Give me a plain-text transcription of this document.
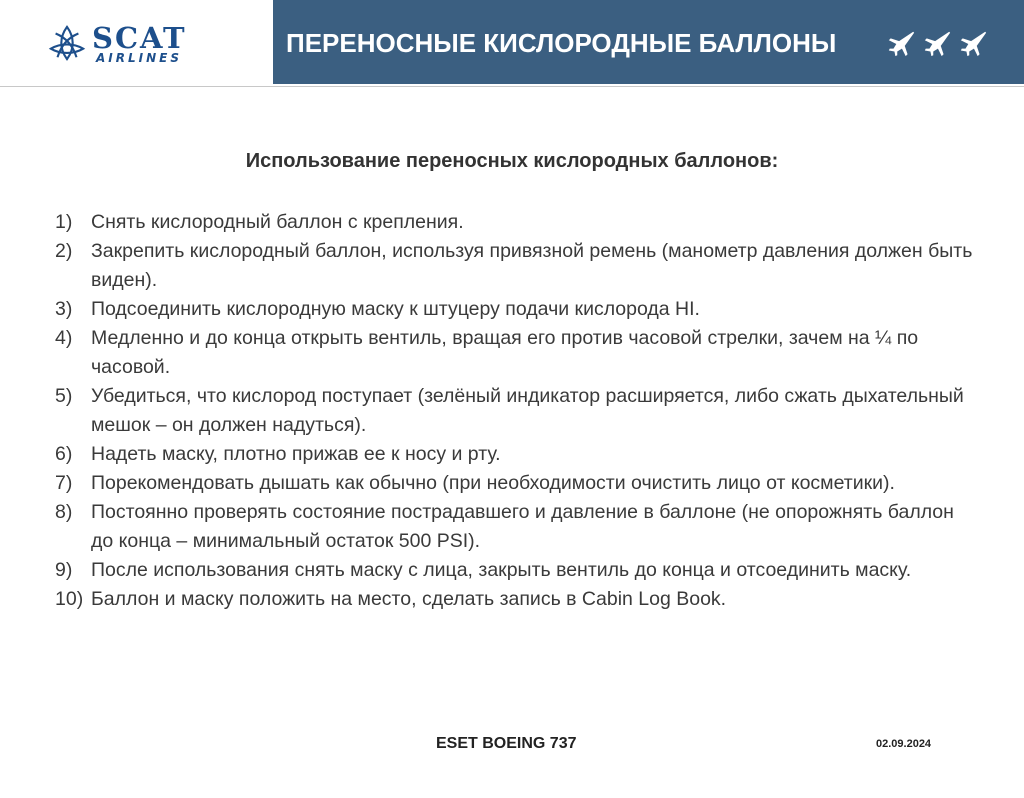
SCAT
AIRLINES	ПЕРЕНОСНЫЕ КИСЛОРОДНЫЕ БАЛЛОНЫ
Использование переносных кислородных баллонов:
1) Снять кислородный баллон с крепления.
2) Закрепить кислородный баллон, используя привязной ремень (манометр давления должен быть виден).
3) Подсоединить кислородную маску к штуцеру подачи кислорода HI.
4) Медленно и до конца открыть вентиль, вращая его против часовой стрелки, зачем на ¼ по часовой.
5) Убедиться, что кислород поступает (зелёный индикатор расширяется, либо сжать дыхательный мешок – он должен надуться).
6) Надеть маску, плотно прижав ее к носу и рту.
7) Порекомендовать дышать как обычно (при необходимости очистить лицо от косметики).
8) Постоянно проверять состояние пострадавшего и давление в баллоне (не опорожнять баллон до конца – минимальный остаток 500 PSI).
9) После использования снять маску с лица, закрыть вентиль до конца и отсоединить маску.
10) Баллон и маску положить на место, сделать запись в Cabin Log Book.
ESET BOEING 737	02.09.2024
